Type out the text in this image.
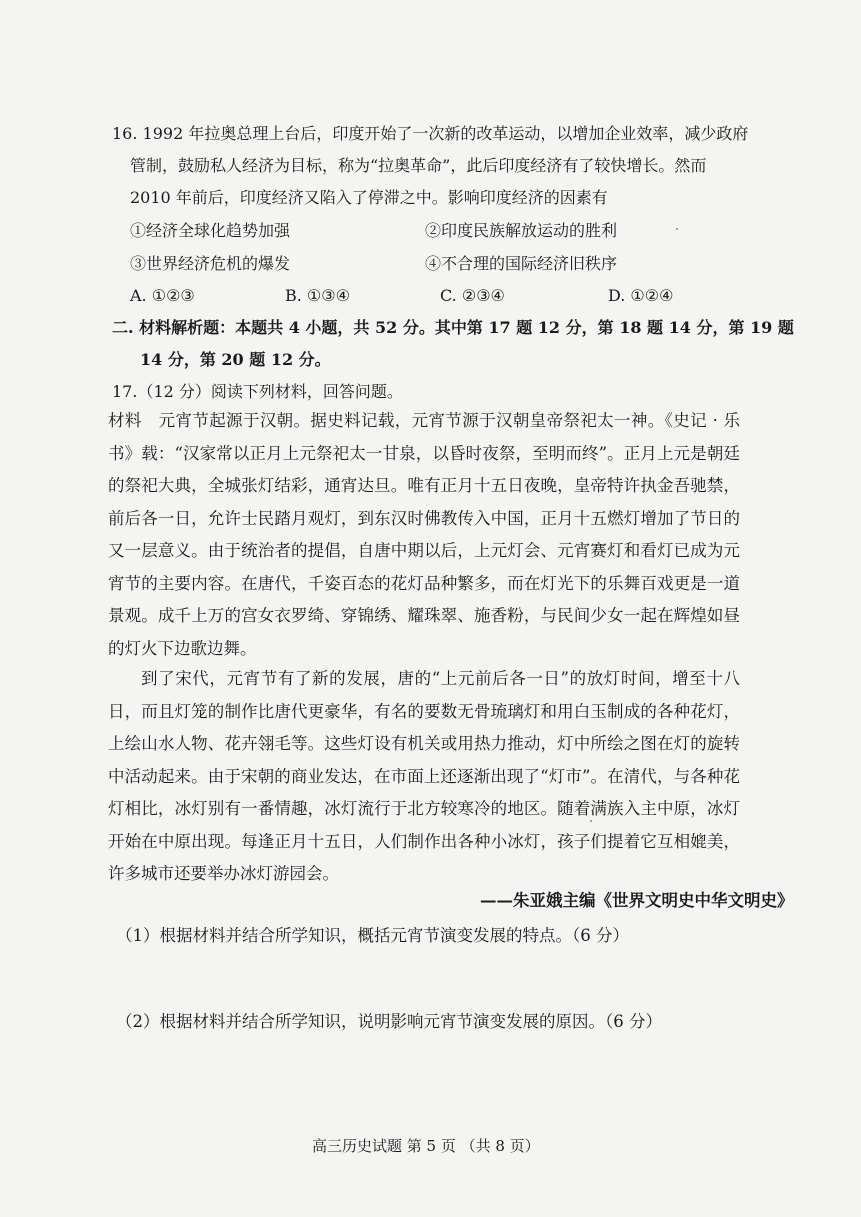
16. 1992 年拉奥总理上台后，印度开始了一次新的改革运动，以增加企业效率，减少政府
管制，鼓励私人经济为目标，称为“拉奥革命”，此后印度经济有了较快增长。然而
2010 年前后，印度经济又陷入了停滞之中。影响印度经济的因素有
①经济全球化趋势加强	②印度民族解放运动的胜利
③世界经济危机的爆发	④不合理的国际经济旧秩序
A. ①②③	B. ①③④	C. ②③④	D. ①②④
二. 材料解析题：本题共 4 小题，共 52 分。其中第 17 题 12 分，第 18 题 14 分，第 19 题
14 分，第 20 题 12 分。
17.（12 分）阅读下列材料，回答问题。
材料　元宵节起源于汉朝。据史料记载，元宵节源于汉朝皇帝祭祀太一神。《史记 · 乐书》载：“汉家常以正月上元祭祀太一甘泉，以昏时夜祭，至明而终”。正月上元是朝廷的祭祀大典，全城张灯结彩，通宵达旦。唯有正月十五日夜晚，皇帝特许执金吾驰禁，前后各一日，允许士民踏月观灯，到东汉时佛教传入中国，正月十五燃灯增加了节日的又一层意义。由于统治者的提倡，自唐中期以后，上元灯会、元宵赛灯和看灯已成为元宵节的主要内容。在唐代，千姿百态的花灯品种繁多，而在灯光下的乐舞百戏更是一道景观。成千上万的宫女衣罗绮、穿锦绣、耀珠翠、施香粉，与民间少女一起在辉煌如昼的灯火下边歌边舞。
到了宋代，元宵节有了新的发展，唐的“上元前后各一日”的放灯时间，增至十八日，而且灯笼的制作比唐代更豪华，有名的要数无骨琉璃灯和用白玉制成的各种花灯，上绘山水人物、花卉翎毛等。这些灯设有机关或用热力推动，灯中所绘之图在灯的旋转中活动起来。由于宋朝的商业发达，在市面上还逐渐出现了“灯市”。在清代，与各种花灯相比，冰灯别有一番情趣，冰灯流行于北方较寒冷的地区。随着满族入主中原，冰灯开始在中原出现。每逢正月十五日，人们制作出各种小冰灯，孩子们提着它互相媲美，许多城市还要举办冰灯游园会。
——朱亚娥主编《世界文明史中华文明史》
（1）根据材料并结合所学知识，概括元宵节演变发展的特点。（6 分）
（2）根据材料并结合所学知识，说明影响元宵节演变发展的原因。（6 分）
高三历史试题 第 5 页 （共 8 页）
